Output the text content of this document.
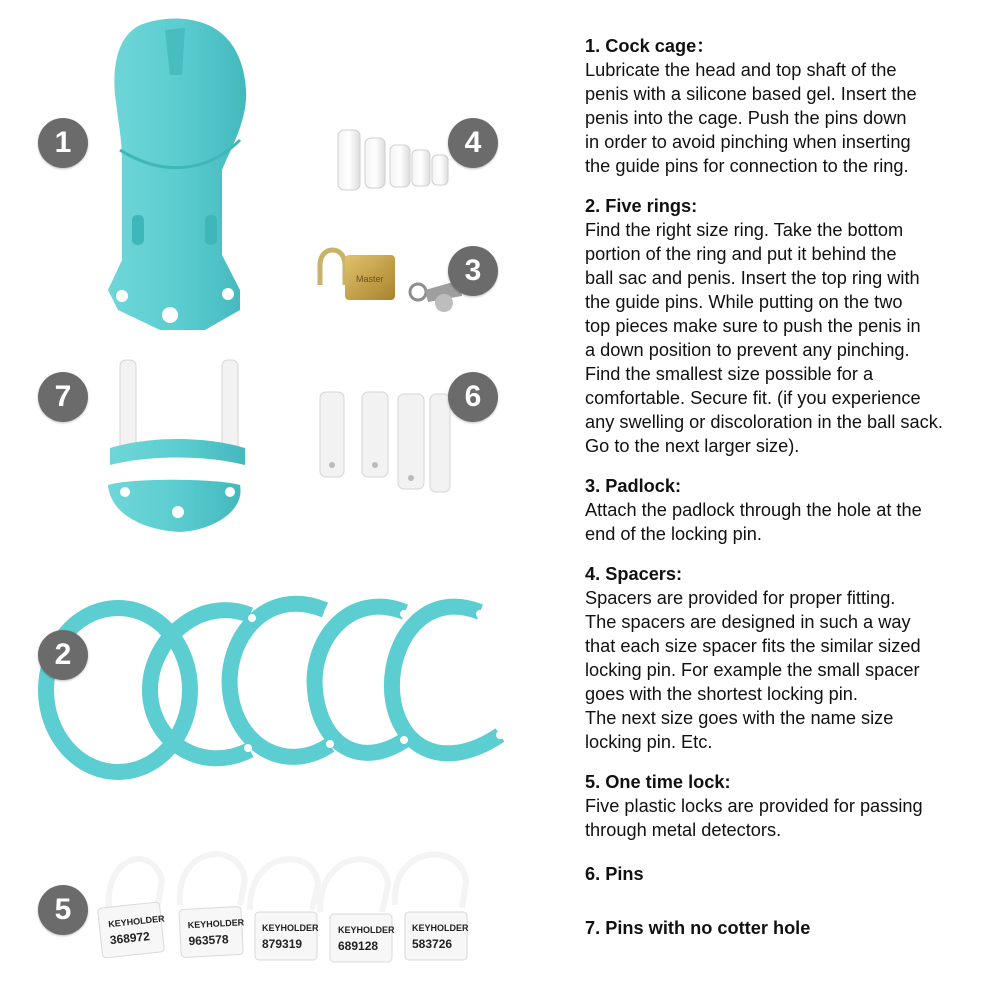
Master
KEYHOLDER
368972
KEYHOLDER
963578
KEYHOLDER
879319
KEYHOLDER
689128
KEYHOLDER
583726
1	4
3
7	6
2
5
1. Cock cage：

Lubricate the head and top shaft of the

penis with a silicone based gel. Insert the

penis into the cage. Push the pins down

in order to avoid pinching when inserting

the guide pins for connection to the ring.

2. Five rings:

Find the right size ring. Take the bottom

portion of the ring and put it behind the

ball sac and penis. Insert the top ring with

the guide pins. While putting on the two

top pieces make sure to push the penis in

a down position to prevent any pinching.

Find the smallest size possible for a

comfortable. Secure fit. (if you experience

any swelling or discoloration in the ball sack.

Go to the next larger size).

3. Padlock:

Attach the padlock through the hole at the

end of the locking pin.

4. Spacers:

Spacers are provided for proper fitting.

The spacers are designed in such a way

that each size spacer fits the similar sized

locking pin. For example the small spacer

goes with the shortest locking pin.

The next size goes with the name size

locking pin. Etc.

5. One time lock:

Five plastic locks are provided for passing

through metal detectors.

6. Pins
7. Pins with no cotter hole
